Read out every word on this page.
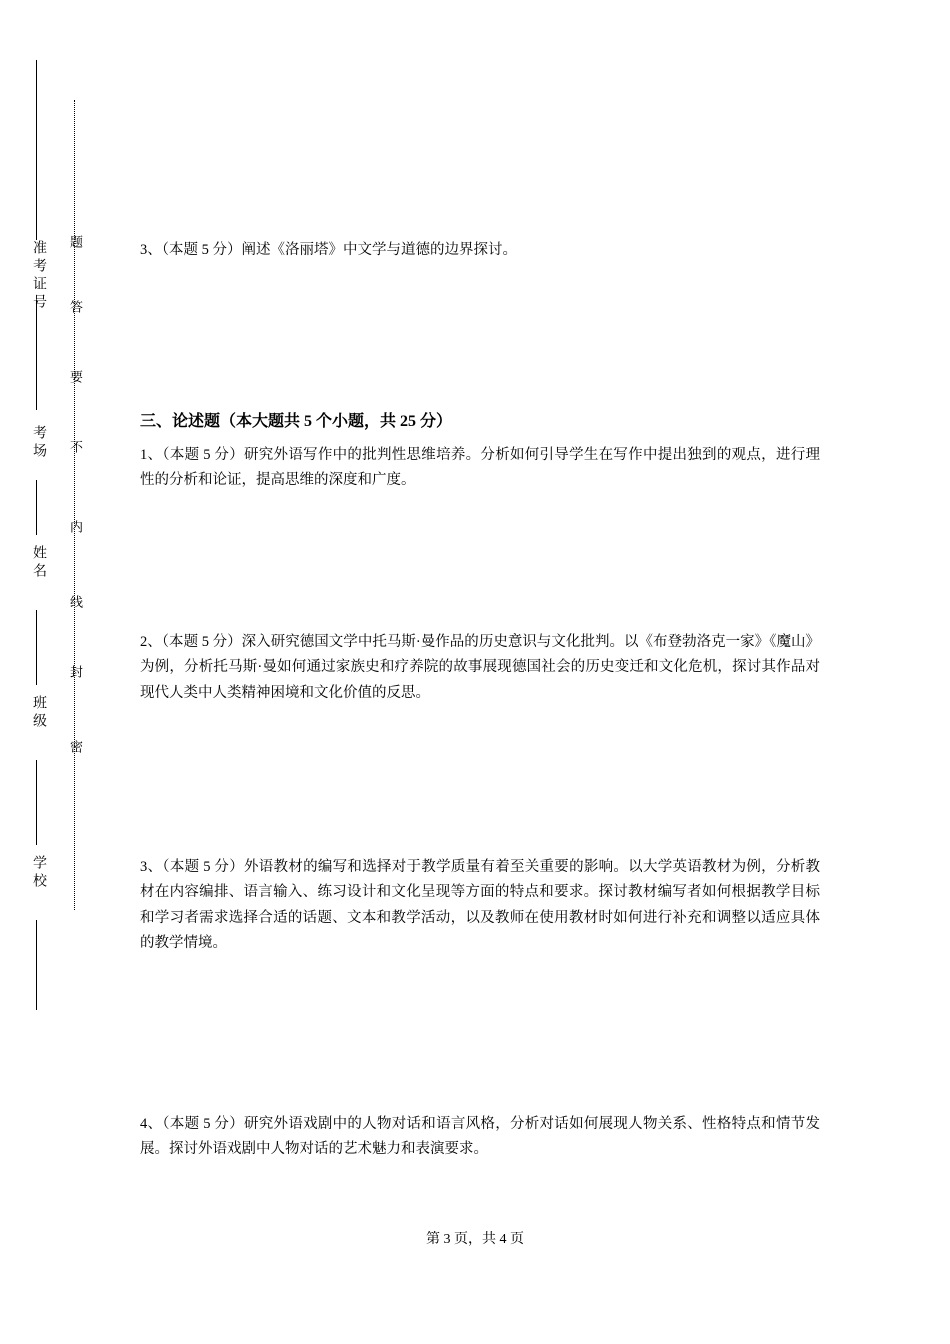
准考证号
考场
姓名
班级
学校
题
答
要
不
内
线
封
密
3、（本题 5 分）阐述《洛丽塔》中文学与道德的边界探讨。
三、论述题（本大题共 5 个小题，共 25 分）
1、（本题 5 分）研究外语写作中的批判性思维培养。分析如何引导学生在写作中提出独到的观点，进行理性的分析和论证，提高思维的深度和广度。
2、（本题 5 分）深入研究德国文学中托马斯·曼作品的历史意识与文化批判。以《布登勃洛克一家》《魔山》为例，分析托马斯·曼如何通过家族史和疗养院的故事展现德国社会的历史变迁和文化危机，探讨其作品对现代人类中人类精神困境和文化价值的反思。
3、（本题 5 分）外语教材的编写和选择对于教学质量有着至关重要的影响。以大学英语教材为例，分析教材在内容编排、语言输入、练习设计和文化呈现等方面的特点和要求。探讨教材编写者如何根据教学目标和学习者需求选择合适的话题、文本和教学活动，以及教师在使用教材时如何进行补充和调整以适应具体的教学情境。
4、（本题 5 分）研究外语戏剧中的人物对话和语言风格，分析对话如何展现人物关系、性格特点和情节发展。探讨外语戏剧中人物对话的艺术魅力和表演要求。
第 3 页，共 4 页
